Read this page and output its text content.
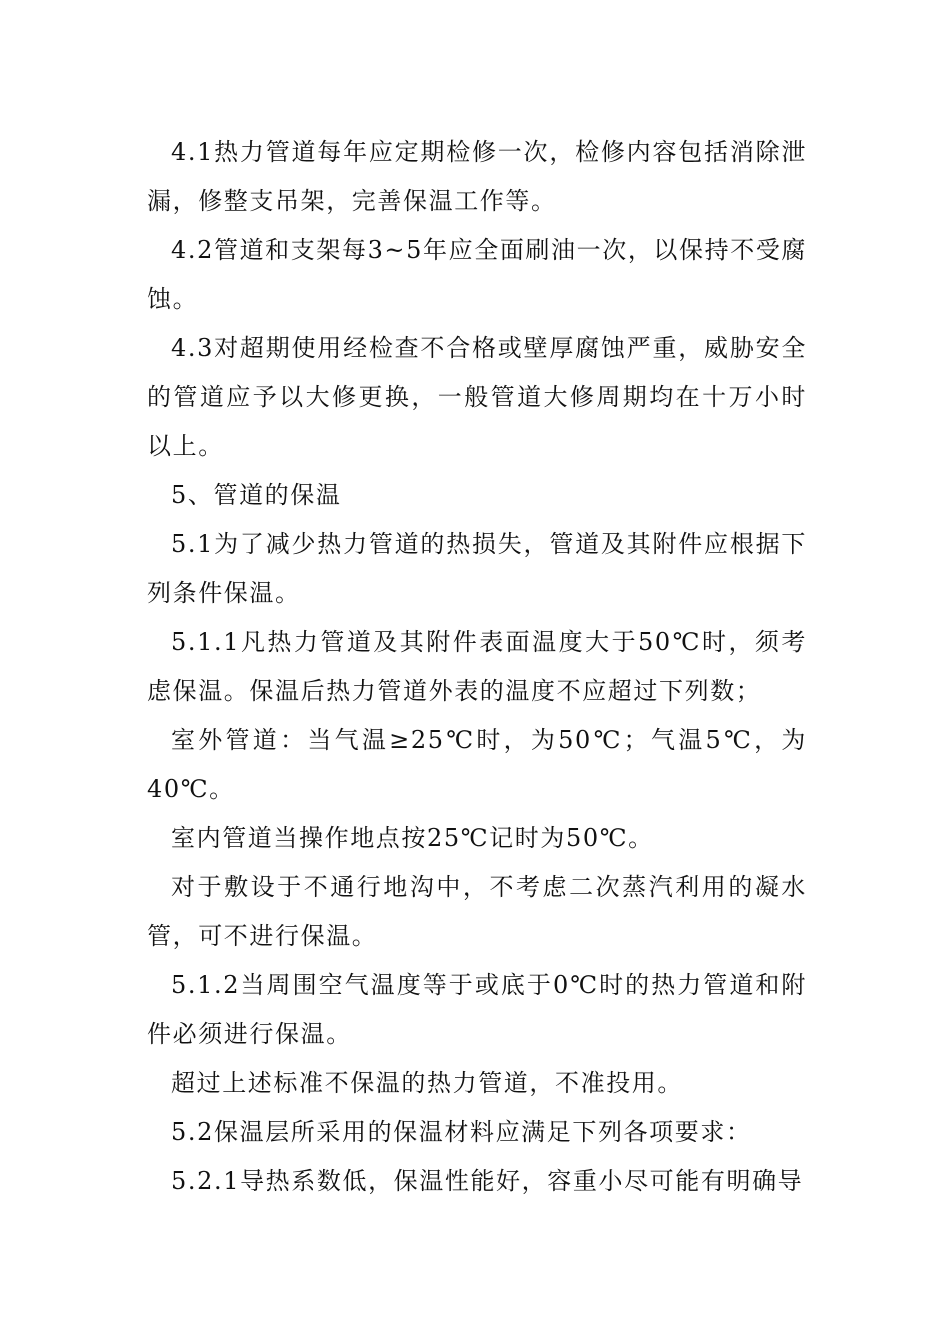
4.1热力管道每年应定期检修一次，检修内容包括消除泄漏，修整支吊架，完善保温工作等。

4.2管道和支架每3~5年应全面刷油一次，以保持不受腐蚀。

4.3对超期使用经检查不合格或壁厚腐蚀严重，威胁安全的管道应予以大修更换，一般管道大修周期均在十万小时以上。

5、管道的保温

5.1为了减少热力管道的热损失，管道及其附件应根据下列条件保温。

5.1.1凡热力管道及其附件表面温度大于50℃时，须考虑保温。保温后热力管道外表的温度不应超过下列数；

室外管道：当气温≥25℃时，为50℃；气温5℃，为40℃。

室内管道当操作地点按25℃记时为50℃。

对于敷设于不通行地沟中，不考虑二次蒸汽利用的凝水管，可不进行保温。

5.1.2当周围空气温度等于或底于0℃时的热力管道和附件必须进行保温。

超过上述标准不保温的热力管道，不准投用。

5.2保温层所采用的保温材料应满足下列各项要求：

5.2.1导热系数低，保温性能好，容重小尽可能有明确导
